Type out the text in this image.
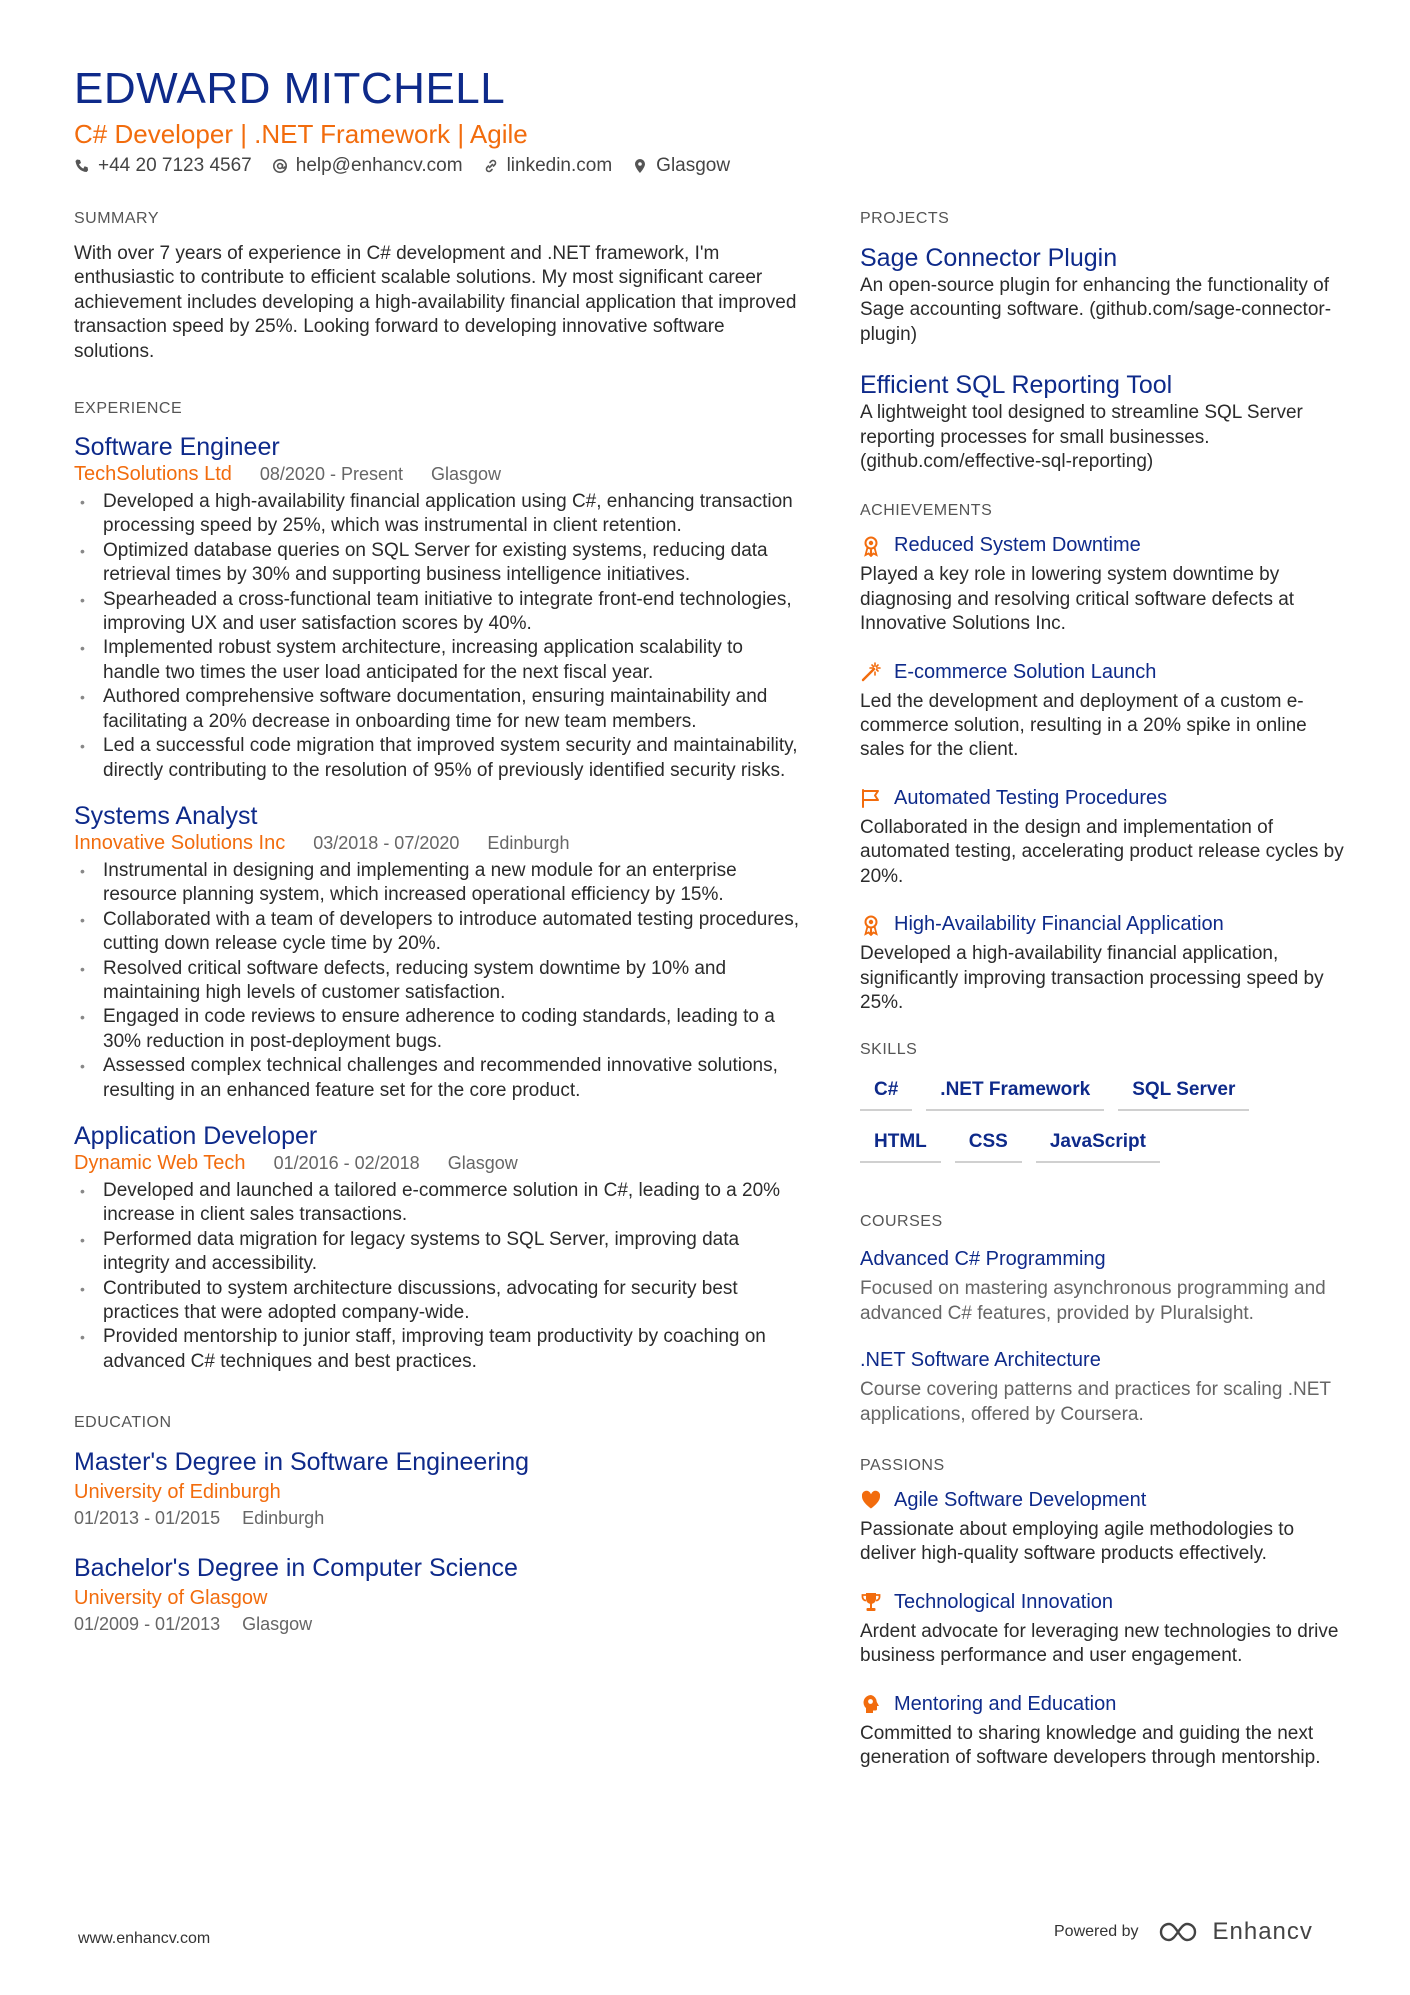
EDWARD MITCHELL
C# Developer | .NET Framework | Agile
+44 20 7123 4567 help@enhancv.com linkedin.com Glasgow
SUMMARY
With over 7 years of experience in C# development and .NET framework, I'm enthusiastic to contribute to efficient scalable solutions. My most significant career achievement includes developing a high-availability financial application that improved transaction speed by 25%. Looking forward to developing innovative software solutions.
EXPERIENCE
Software Engineer
TechSolutions Ltd 08/2020 - Present Glasgow
• Developed a high-availability financial application using C#, enhancing transaction processing speed by 25%, which was instrumental in client retention.
• Optimized database queries on SQL Server for existing systems, reducing data retrieval times by 30% and supporting business intelligence initiatives.
• Spearheaded a cross-functional team initiative to integrate front-end technologies, improving UX and user satisfaction scores by 40%.
• Implemented robust system architecture, increasing application scalability to handle two times the user load anticipated for the next fiscal year.
• Authored comprehensive software documentation, ensuring maintainability and facilitating a 20% decrease in onboarding time for new team members.
• Led a successful code migration that improved system security and maintainability, directly contributing to the resolution of 95% of previously identified security risks.
Systems Analyst
Innovative Solutions Inc 03/2018 - 07/2020 Edinburgh
• Instrumental in designing and implementing a new module for an enterprise resource planning system, which increased operational efficiency by 15%.
• Collaborated with a team of developers to introduce automated testing procedures, cutting down release cycle time by 20%.
• Resolved critical software defects, reducing system downtime by 10% and maintaining high levels of customer satisfaction.
• Engaged in code reviews to ensure adherence to coding standards, leading to a 30% reduction in post-deployment bugs.
• Assessed complex technical challenges and recommended innovative solutions, resulting in an enhanced feature set for the core product.
Application Developer
Dynamic Web Tech 01/2016 - 02/2018 Glasgow
• Developed and launched a tailored e-commerce solution in C#, leading to a 20% increase in client sales transactions.
• Performed data migration for legacy systems to SQL Server, improving data integrity and accessibility.
• Contributed to system architecture discussions, advocating for security best practices that were adopted company-wide.
• Provided mentorship to junior staff, improving team productivity by coaching on advanced C# techniques and best practices.
EDUCATION
Master's Degree in Software Engineering
University of Edinburgh
01/2013 - 01/2015 Edinburgh
Bachelor's Degree in Computer Science
University of Glasgow
01/2009 - 01/2013 Glasgow
PROJECTS
Sage Connector Plugin
An open-source plugin for enhancing the functionality of Sage accounting software. (github.com/sage-connector-plugin)
Efficient SQL Reporting Tool
A lightweight tool designed to streamline SQL Server reporting processes for small businesses. (github.com/effective-sql-reporting)
ACHIEVEMENTS
Reduced System Downtime
Played a key role in lowering system downtime by diagnosing and resolving critical software defects at Innovative Solutions Inc.
E-commerce Solution Launch
Led the development and deployment of a custom e-commerce solution, resulting in a 20% spike in online sales for the client.
Automated Testing Procedures
Collaborated in the design and implementation of automated testing, accelerating product release cycles by 20%.
High-Availability Financial Application
Developed a high-availability financial application, significantly improving transaction processing speed by 25%.
SKILLS
C#	.NET Framework	SQL Server
HTML	CSS	JavaScript
COURSES
Advanced C# Programming
Focused on mastering asynchronous programming and advanced C# features, provided by Pluralsight.
.NET Software Architecture
Course covering patterns and practices for scaling .NET applications, offered by Coursera.
PASSIONS
Agile Software Development
Passionate about employing agile methodologies to deliver high-quality software products effectively.
Technological Innovation
Ardent advocate for leveraging new technologies to drive business performance and user engagement.
Mentoring and Education
Committed to sharing knowledge and guiding the next generation of software developers through mentorship.
www.enhancv.com	Powered by	Enhancv
